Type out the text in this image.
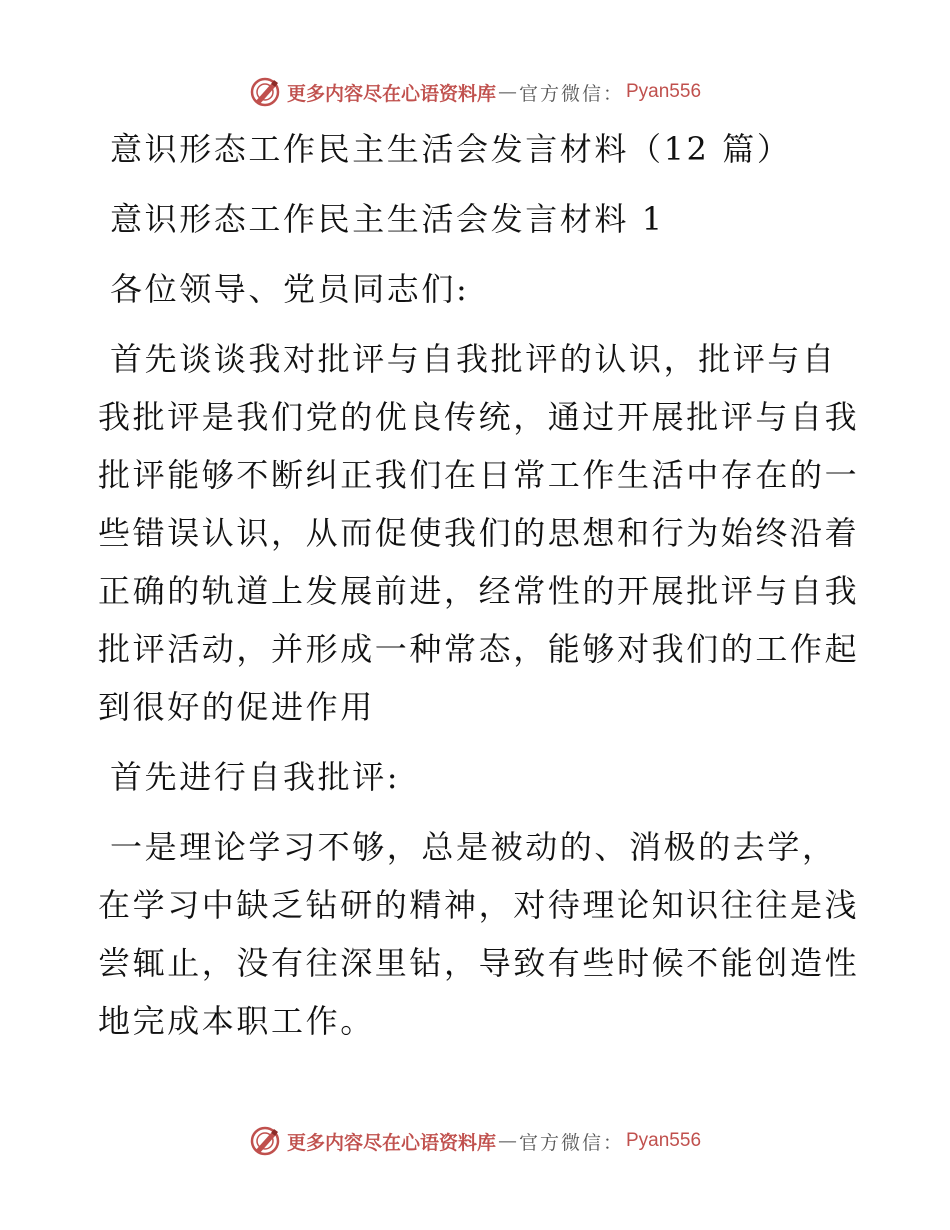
更多内容尽在心语资料库 — 官方微信： Pyan556

意识形态工作民主生活会发言材料（12 篇）

意识形态工作民主生活会发言材料 1

各位领导、党员同志们:

首先谈谈我对批评与自我批评的认识，批评与自

我批评是我们党的优良传统，通过开展批评与自我

批评能够不断纠正我们在日常工作生活中存在的一

些错误认识，从而促使我们的思想和行为始终沿着

正确的轨道上发展前进，经常性的开展批评与自我

批评活动，并形成一种常态，能够对我们的工作起

到很好的促进作用

首先进行自我批评:

一是理论学习不够，总是被动的、消极的去学，

在学习中缺乏钻研的精神，对待理论知识往往是浅

尝辄止，没有往深里钻，导致有些时候不能创造性

地完成本职工作。

更多内容尽在心语资料库 — 官方微信： Pyan556
